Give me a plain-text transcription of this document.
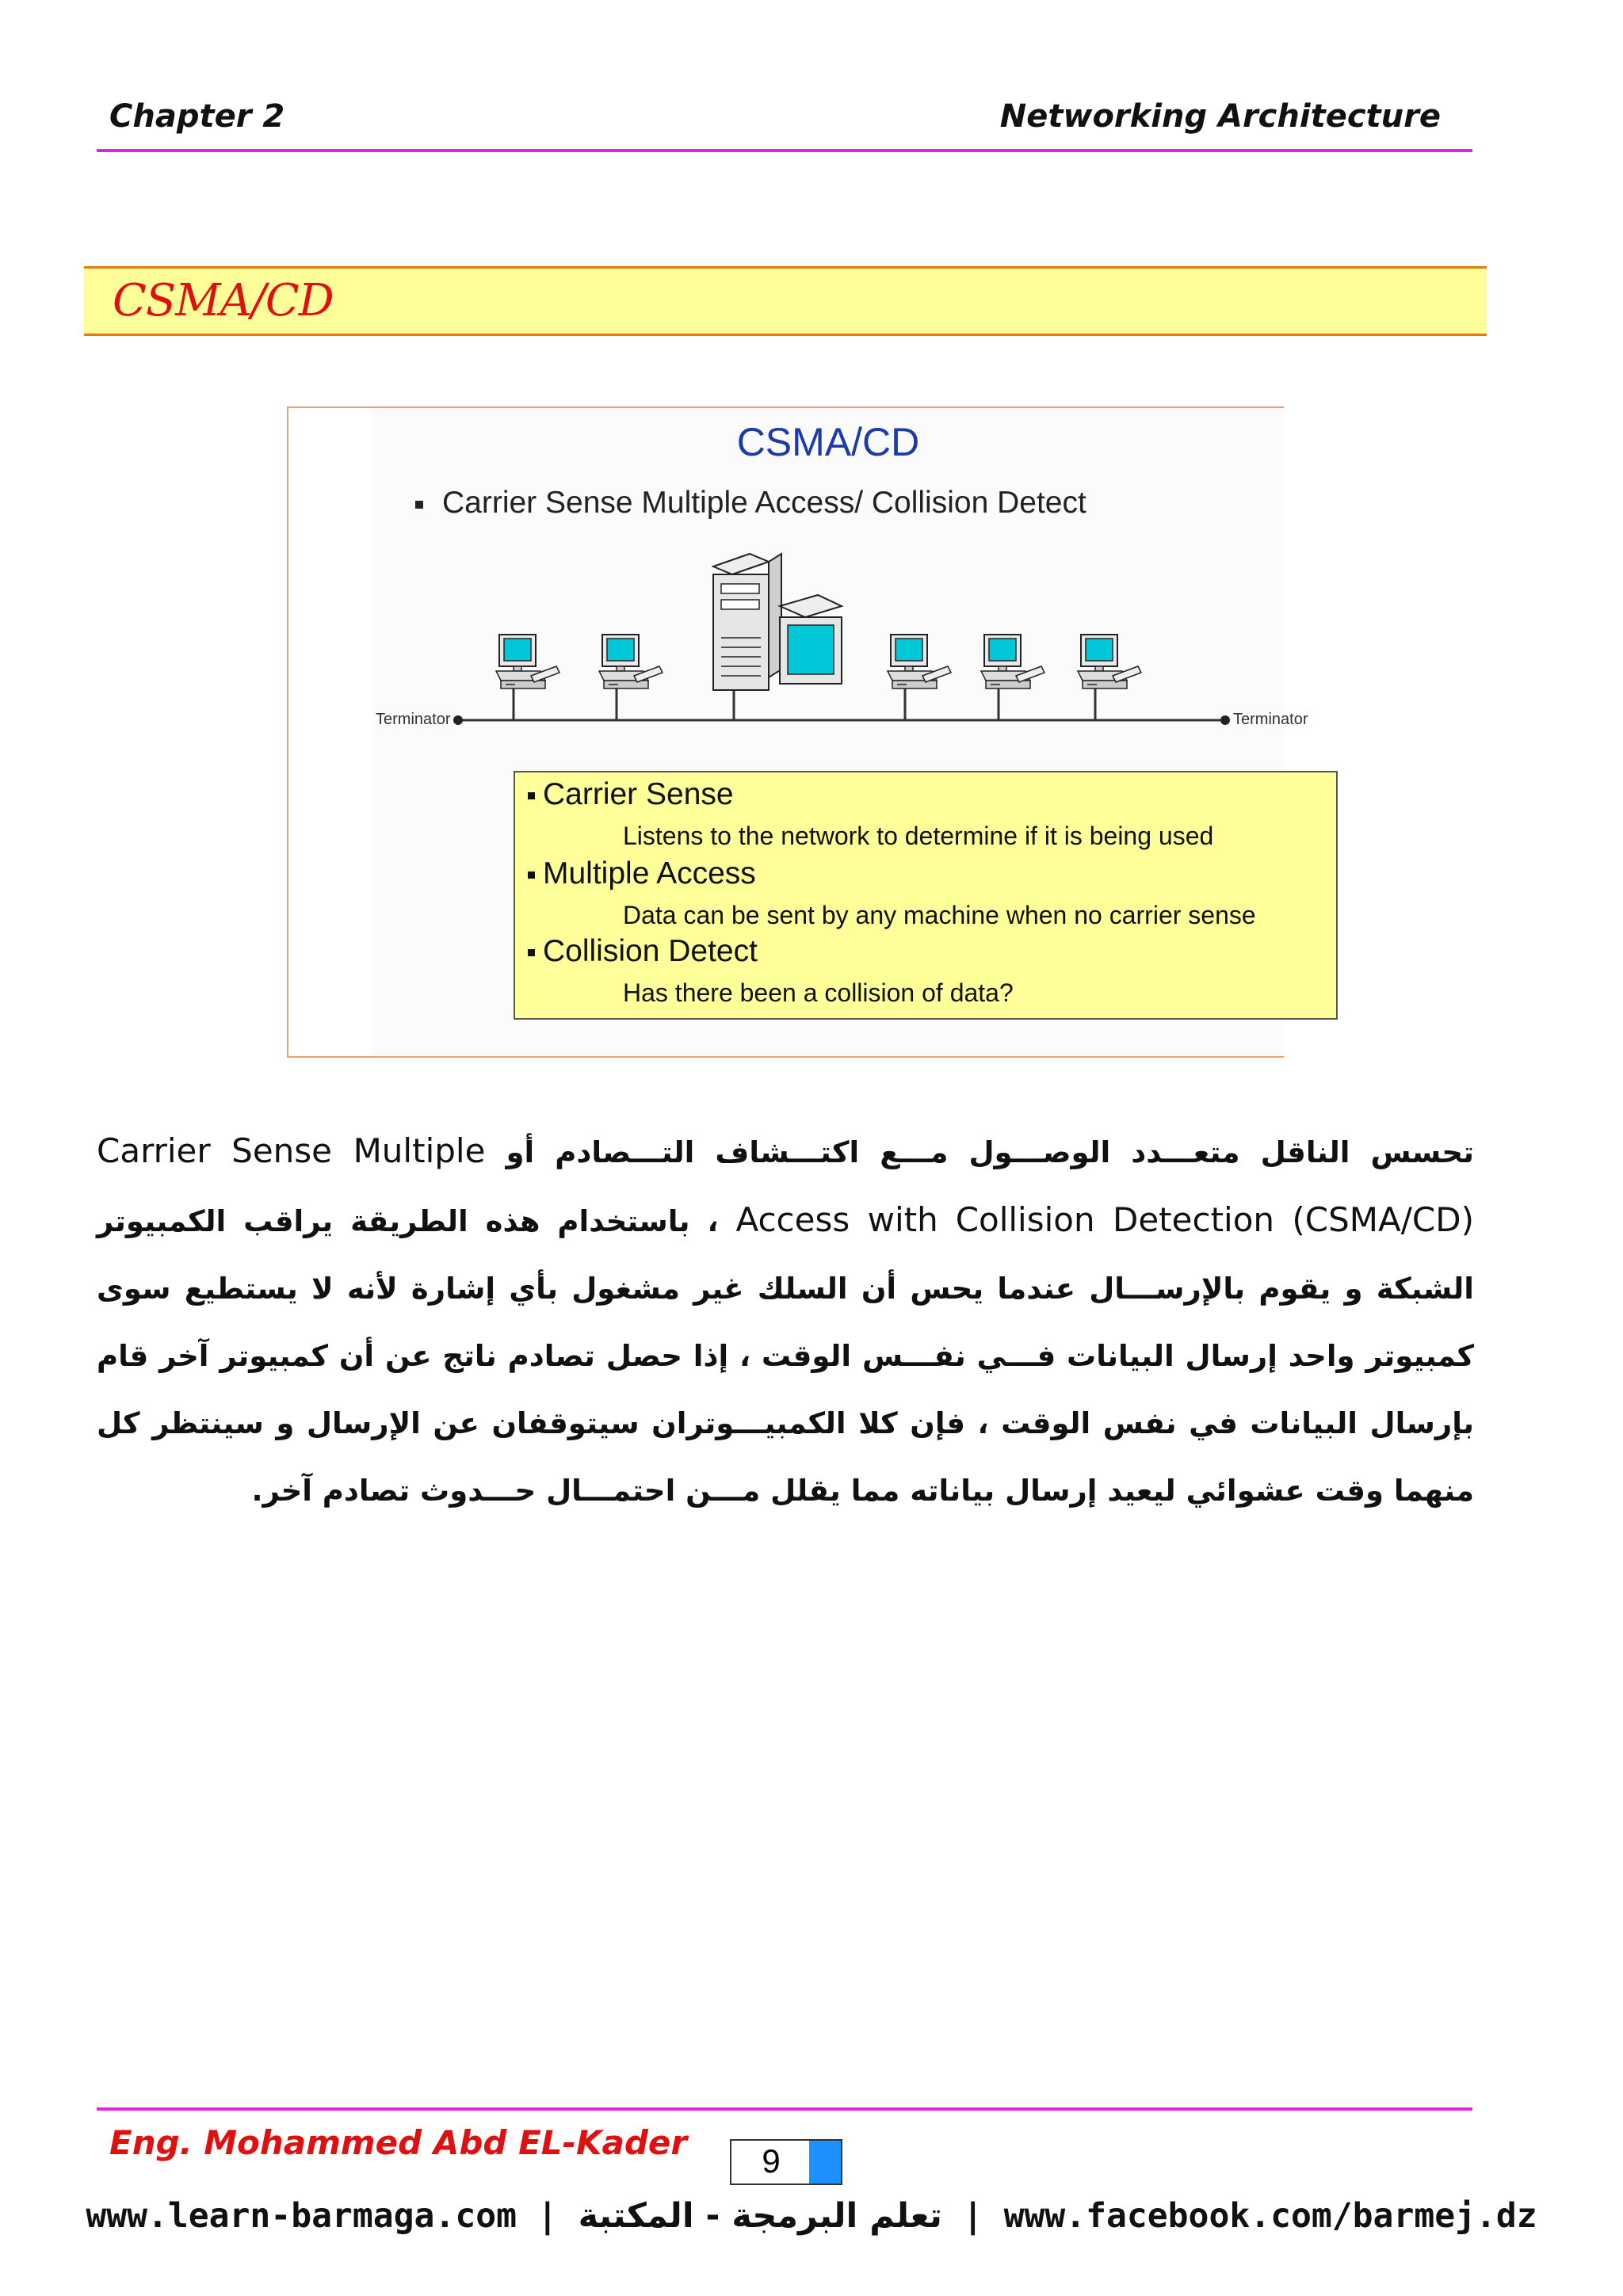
Chapter 2	Networking Architecture

CSMA/CD

CSMA/CD
Carrier Sense Multiple Access/ Collision Detect
Terminator	Terminator
Carrier Sense
Listens to the network to determine if it is being used
Multiple Access
Data can be sent by any machine when no carrier sense
Collision Detect
Has there been a collision of data?

تحسس الناقل متعـــدد الوصـــول مـــع اكتـــشاف التـــصادم أو Carrier Sense Multiple Access with Collision Detection (CSMA/CD) ، باستخدام هذه الطريقة يراقب الكمبيوتر الشبكة و يقوم بالإرســـال عندما يحس أن السلك غير مشغول بأي إشارة لأنه لا يستطيع سوى كمبيوتر واحد إرسال البيانات فـــي نفـــس الوقت ، إذا حصل تصادم ناتج عن أن كمبيوتر آخر قام بإرسال البيانات في نفس الوقت ، فإن كلا الكمبيـــوتران سيتوقفان عن الإرسال و سينتظر كل منهما وقت عشوائي ليعيد إرسال بياناته مما يقلل مـــن احتمـــال حـــدوث تصادم آخر.

Eng. Mohammed Abd EL-Kader	9

www.learn-barmaga.com | تعلم البرمجة - المكتبة | www.facebook.com/barmej.dz
